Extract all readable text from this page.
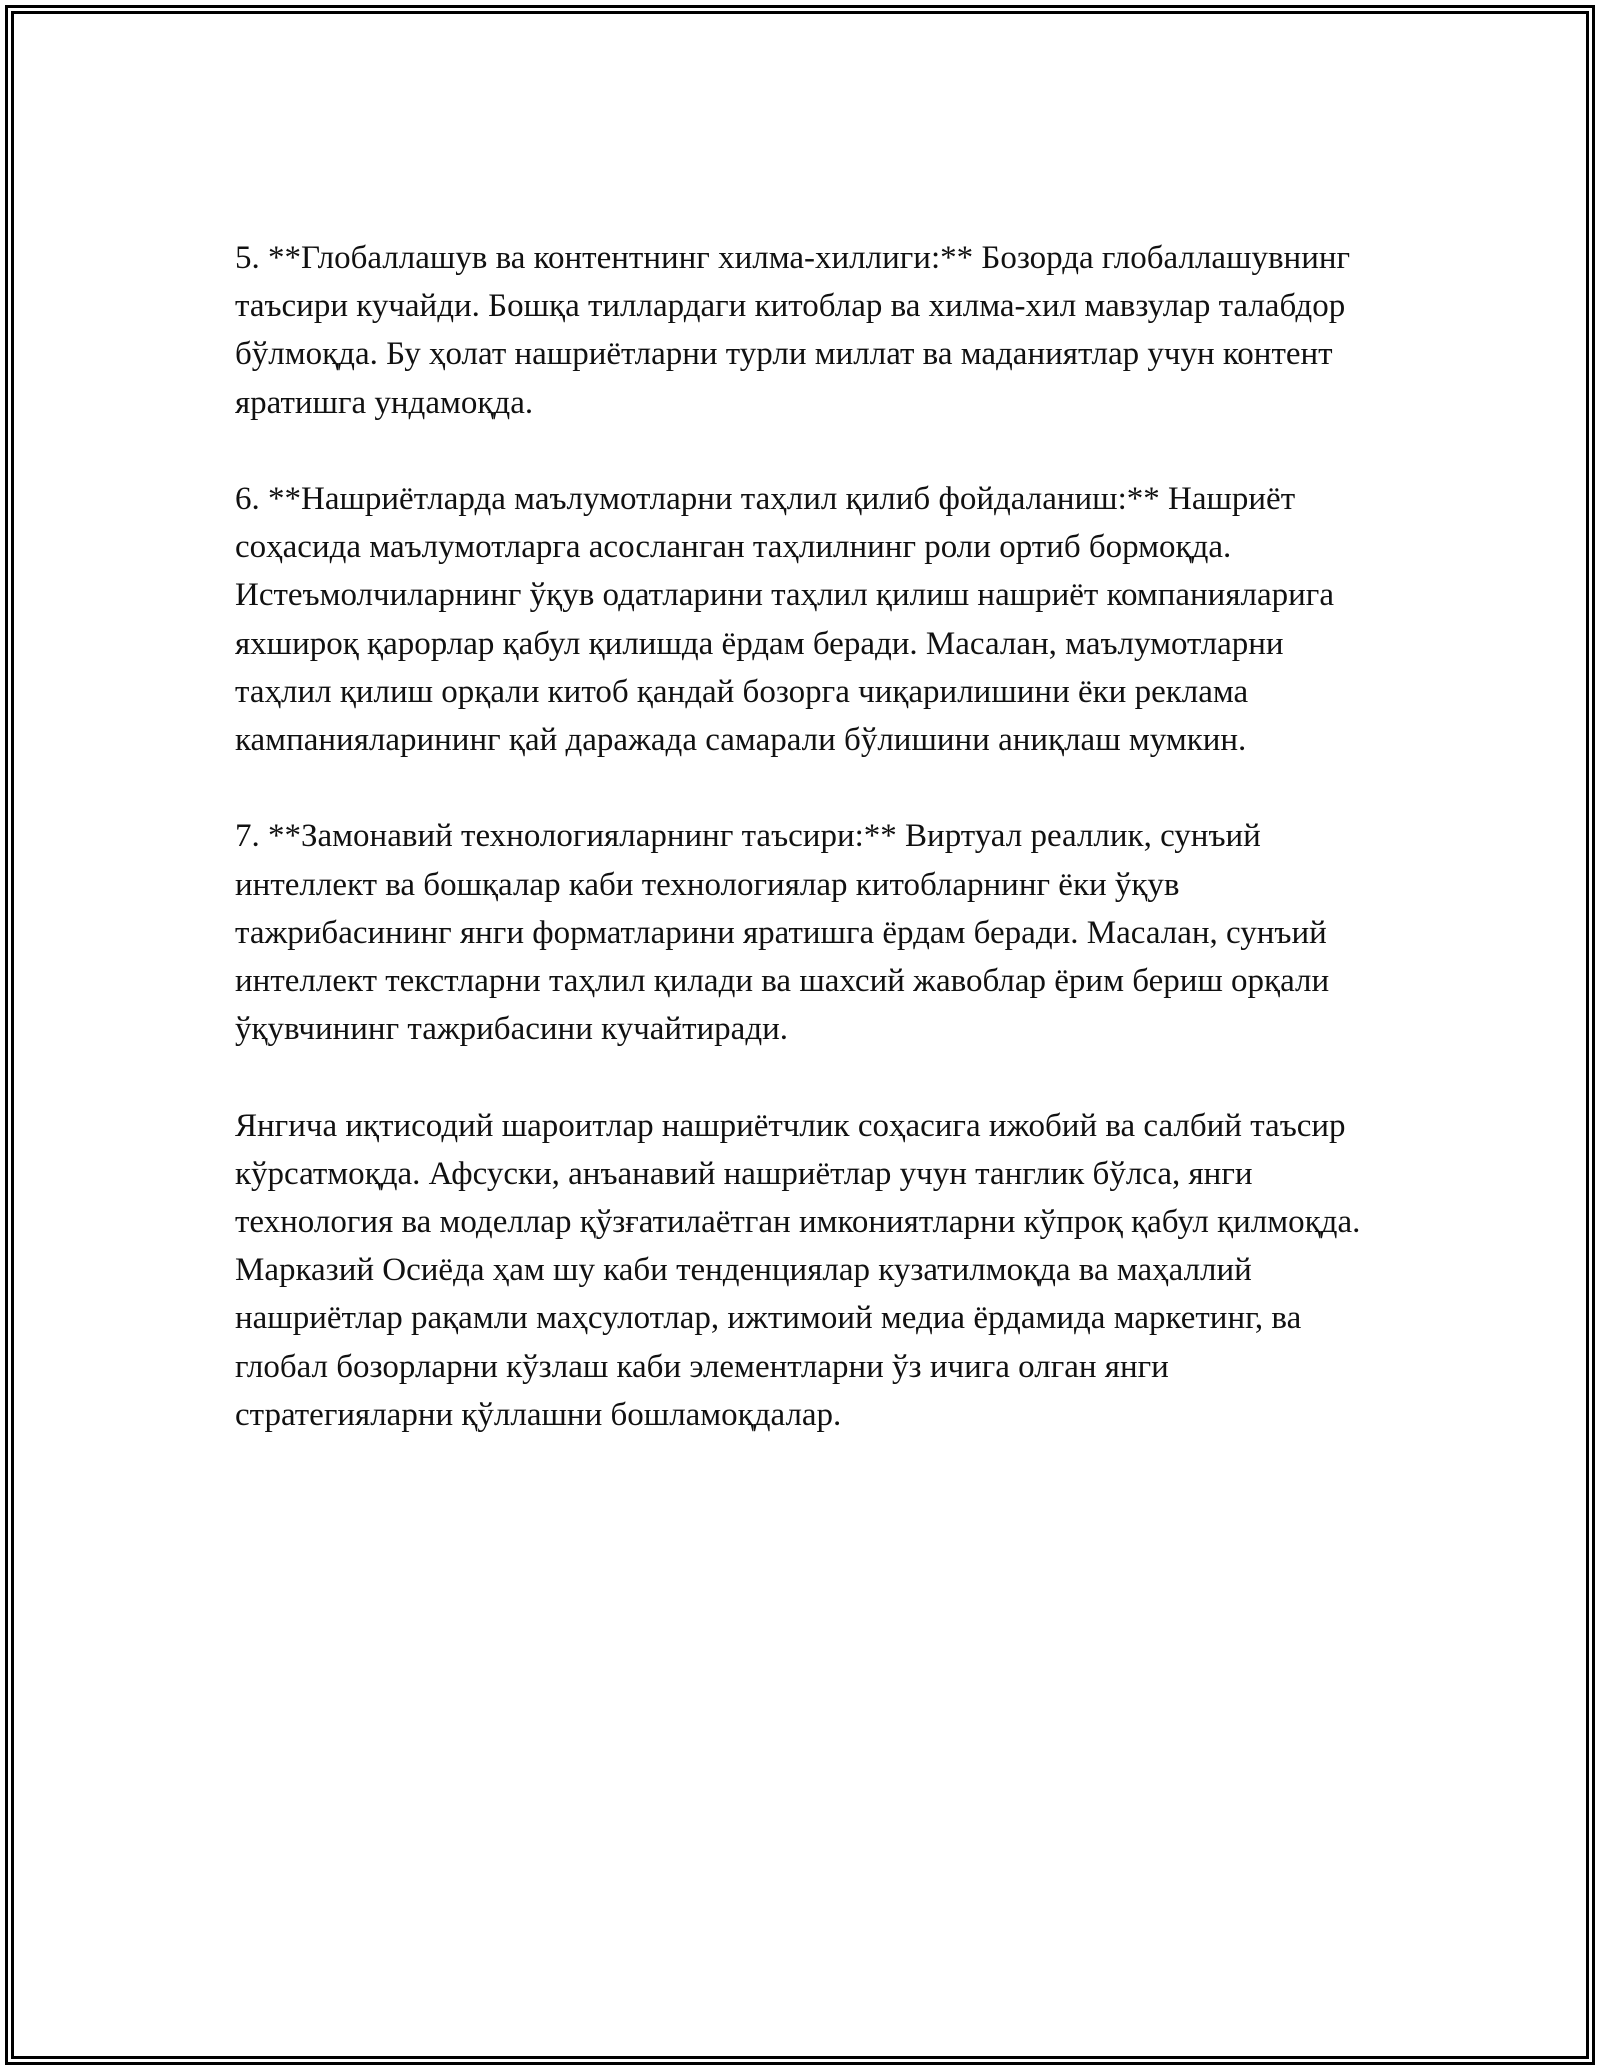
5. **Глобаллашув ва контентнинг хилма-хиллиги:** Бозорда глобаллашувнинг таъсири кучайди. Бошқа тиллардаги китоблар ва хилма-хил мавзулар талабдор бўлмоқда. Бу ҳолат нашриётларни турли миллат ва маданиятлар учун контент яратишга ундамоқда.

6. **Нашриётларда маълумотларни таҳлил қилиб фойдаланиш:** Нашриёт соҳасида маълумотларга асосланган таҳлилнинг роли ортиб бормоқда. Истеъмолчиларнинг ўқув одатларини таҳлил қилиш нашриёт компанияларига яхшироқ қарорлар қабул қилишда ёрдам беради. Масалан, маълумотларни таҳлил қилиш орқали китоб қандай бозорга чиқарилишини ёки реклама кампанияларининг қай даражада самарали бўлишини аниқлаш мумкин.

7. **Замонавий технологияларнинг таъсири:** Виртуал реаллик, сунъий интеллект ва бошқалар каби технологиялар китобларнинг ёки ўқув тажрибасининг янги форматларини яратишга ёрдам беради. Масалан, сунъий интеллект текстларни таҳлил қилади ва шахсий жавоблар ёрим бериш орқали ўқувчининг тажрибасини кучайтиради.

Янгича иқтисодий шароитлар нашриётчлик соҳасига ижобий ва салбий таъсир кўрсатмоқда. Афсуски, анъанавий нашриётлар учун танглик бўлса, янги технология ва моделлар қўзғатилаётган имкониятларни кўпроқ қабул қилмоқда. Марказий Осиёда ҳам шу каби тенденциялар кузатилмоқда ва маҳаллий нашриётлар рақамли маҳсулотлар, ижтимоий медиа ёрдамида маркетинг, ва глобал бозорларни кўзлаш каби элементларни ўз ичига олган янги стратегияларни қўллашни бошламоқдалар.
